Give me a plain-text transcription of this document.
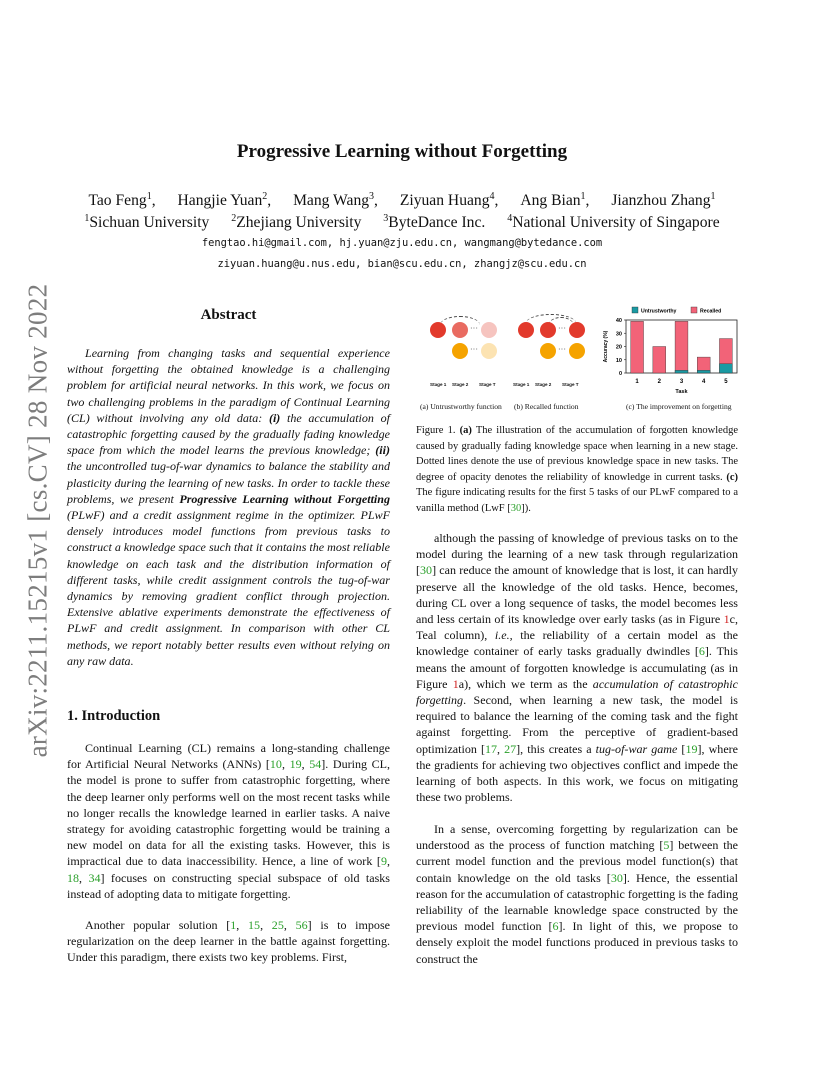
arXiv:2211.15215v1 [cs.CV] 28 Nov 2022
Progressive Learning without Forgetting
Tao Feng$^1$, Hangjie Yuan$^2$, Mang Wang$^3$, Ziyuan Huang$^4$, Ang Bian$^1$, Jianzhou Zhang$^1$
$^1$Sichuan University $^2$Zhejiang University $^3$ByteDance Inc. $^4$National University of Singapore
fengtao.hi@gmail.com, hj.yuan@zju.edu.cn, wangmang@bytedance.com
ziyuan.huang@u.nus.edu, bian@scu.edu.cn, zhangjz@scu.edu.cn
Abstract

Learning from changing tasks and sequential experience without forgetting the obtained knowledge is a challenging problem for artificial neural networks. In this work, we focus on two challenging problems in the paradigm of Continual Learning (CL) without involving any old data: (i) the accumulation of catastrophic forgetting caused by the gradually fading knowledge space from which the model learns the previous knowledge; (ii) the uncontrolled tug-of-war dynamics to balance the stability and plasticity during the learning of new tasks. In order to tackle these problems, we present Progressive Learning without Forgetting (PLwF) and a credit assignment regime in the optimizer. PLwF densely introduces model functions from previous tasks to construct a knowledge space such that it contains the most reliable knowledge on each task and the distribution information of different tasks, while credit assignment controls the tug-of-war dynamics by removing gradient conflict through projection. Extensive ablative experiments demonstrate the effectiveness of PLwF and credit assignment. In comparison with other CL methods, we report notably better results even without relying on any raw data.

1. Introduction

Continual Learning (CL) remains a long-standing challenge for Artificial Neural Networks (ANNs) [10, 19, 54]. During CL, the model is prone to suffer from catastrophic forgetting, where the deep learner only performs well on the most recent tasks while no longer recalls the knowledge learned in earlier tasks. A naive strategy for avoiding catastrophic forgetting would be training a new model on data for all the existing tasks. However, this is impractical due to data inaccessibility. Hence, a line of work [9, 18, 34] focuses on constructing special subspace of old tasks instead of adopting data to mitigate forgetting.

Another popular solution [1, 15, 25, 56] is to impose regularization on the deep learner in the battle against forgetting. Under this paradigm, there exists two key problems. First,

···
···
Stage 1 Stage 2 Stage T
(a) Untrustworthy function
···
···
Stage 1 Stage 2 Stage T
(b) Recalled function
0
10
20
30
40
Accuracy (%)
1	2	3	4	5
Task
Untrustworthy	Recalled
(c) The improvement on forgetting

Figure 1. (a) The illustration of the accumulation of forgotten knowledge caused by gradually fading knowledge space when learning in a new stage. Dotted lines denote the use of previous knowledge space in new tasks. The degree of opacity denotes the reliability of knowledge in current tasks. (c) The figure indicating results for the first 5 tasks of our PLwF compared to a vanilla method (LwF [30]).

although the passing of knowledge of previous tasks on to the model during the learning of a new task through regularization [30] can reduce the amount of knowledge that is lost, it can hardly preserve all the knowledge of the old tasks. Hence, becomes, during CL over a long sequence of tasks, the model becomes less and less certain of its knowledge over early tasks (as in Figure 1c, Teal column), i.e., the reliability of a certain model as the knowledge container of early tasks gradually dwindles [6]. This means the amount of forgotten knowledge is accumulating (as in Figure 1a), which we term as the accumulation of catastrophic forgetting. Second, when learning a new task, the model is required to balance the learning of the coming task and the fight against forgetting. From the perceptive of gradient-based optimization [17, 27], this creates a tug-of-war game [19], where the gradients for achieving two objectives conflict and impede the learning of both aspects. In this work, we focus on mitigating these two problems.

In a sense, overcoming forgetting by regularization can be understood as the process of function matching [5] between the current model function and the previous model function(s) that contain knowledge on the old tasks [30]. Hence, the essential reason for the accumulation of catastrophic forgetting is the fading reliability of the learnable knowledge space constructed by the previous model function [6]. In light of this, we propose to densely exploit the model functions produced in previous tasks to construct the
